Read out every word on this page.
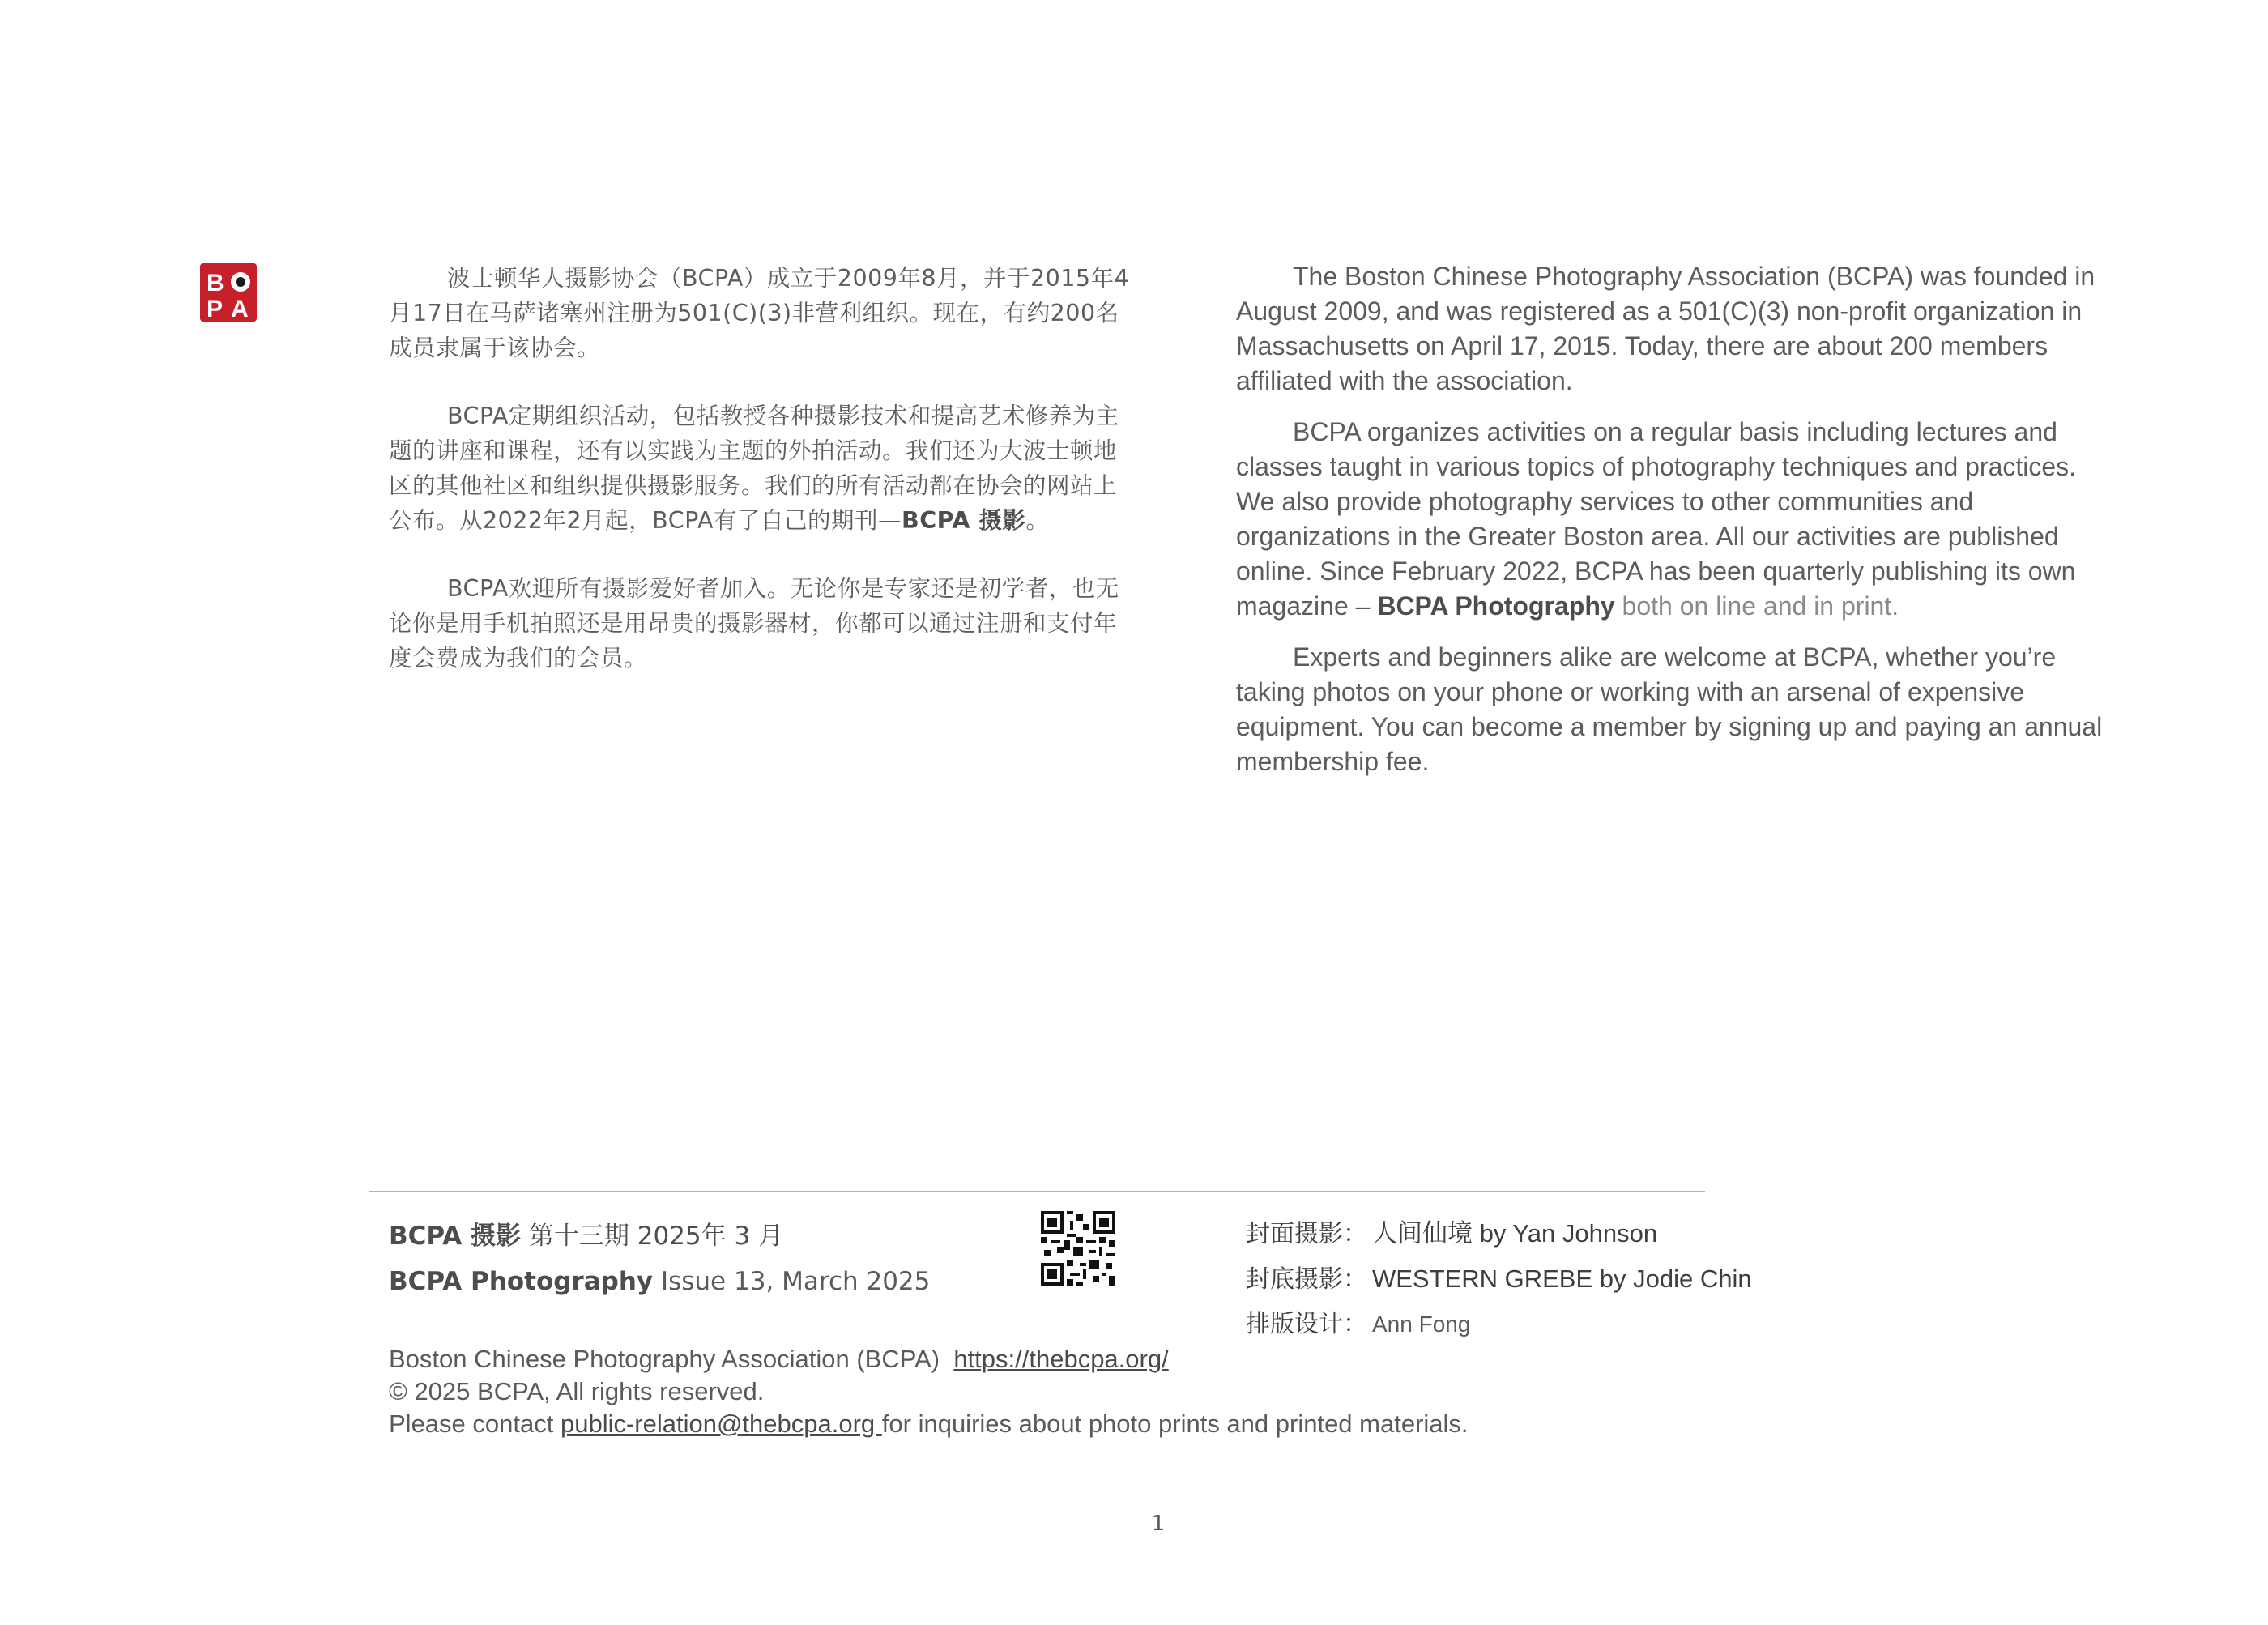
B
P A

波士顿华人摄影协会（BCPA）成立于2009年8月，并于2015年4月17日在马萨诸塞州注册为501(C)(3)非营利组织。现在，有约200名成员隶属于该协会。

BCPA定期组织活动，包括教授各种摄影技术和提高艺术修养为主题的讲座和课程，还有以实践为主题的外拍活动。我们还为大波士顿地区的其他社区和组织提供摄影服务。我们的所有活动都在协会的网站上公布。从2022年2月起，BCPA有了自己的期刊—BCPA 摄影。

BCPA欢迎所有摄影爱好者加入。无论你是专家还是初学者，也无论你是用手机拍照还是用昂贵的摄影器材，你都可以通过注册和支付年度会费成为我们的会员。

The Boston Chinese Photography Association (BCPA) was founded in August 2009, and was registered as a 501(C)(3) non-profit organization in Massachusetts on April 17, 2015. Today, there are about 200 members affiliated with the association.

BCPA organizes activities on a regular basis including lectures and classes taught in various topics of photography techniques and practices. We also provide photography services to other communities and organizations in the Greater Boston area. All our activities are published online. Since February 2022, BCPA has been quarterly publishing its own magazine – BCPA Photography both on line and in print.

Experts and beginners alike are welcome at BCPA, whether you’re taking photos on your phone or working with an arsenal of expensive equipment. You can become a member by signing up and paying an annual membership fee.

BCPA 摄影 第十三期 2025年 3 月
BCPA Photography Issue 13, March 2025
封面摄影： 人间仙境 by Yan Johnson
封底摄影： WESTERN GREBE by Jodie Chin
排版设计： Ann Fong
Boston Chinese Photography Association (BCPA) https://thebcpa.org/
© 2025 BCPA, All rights reserved.
Please contact public-relation@thebcpa.org for inquiries about photo prints and printed materials.
1
